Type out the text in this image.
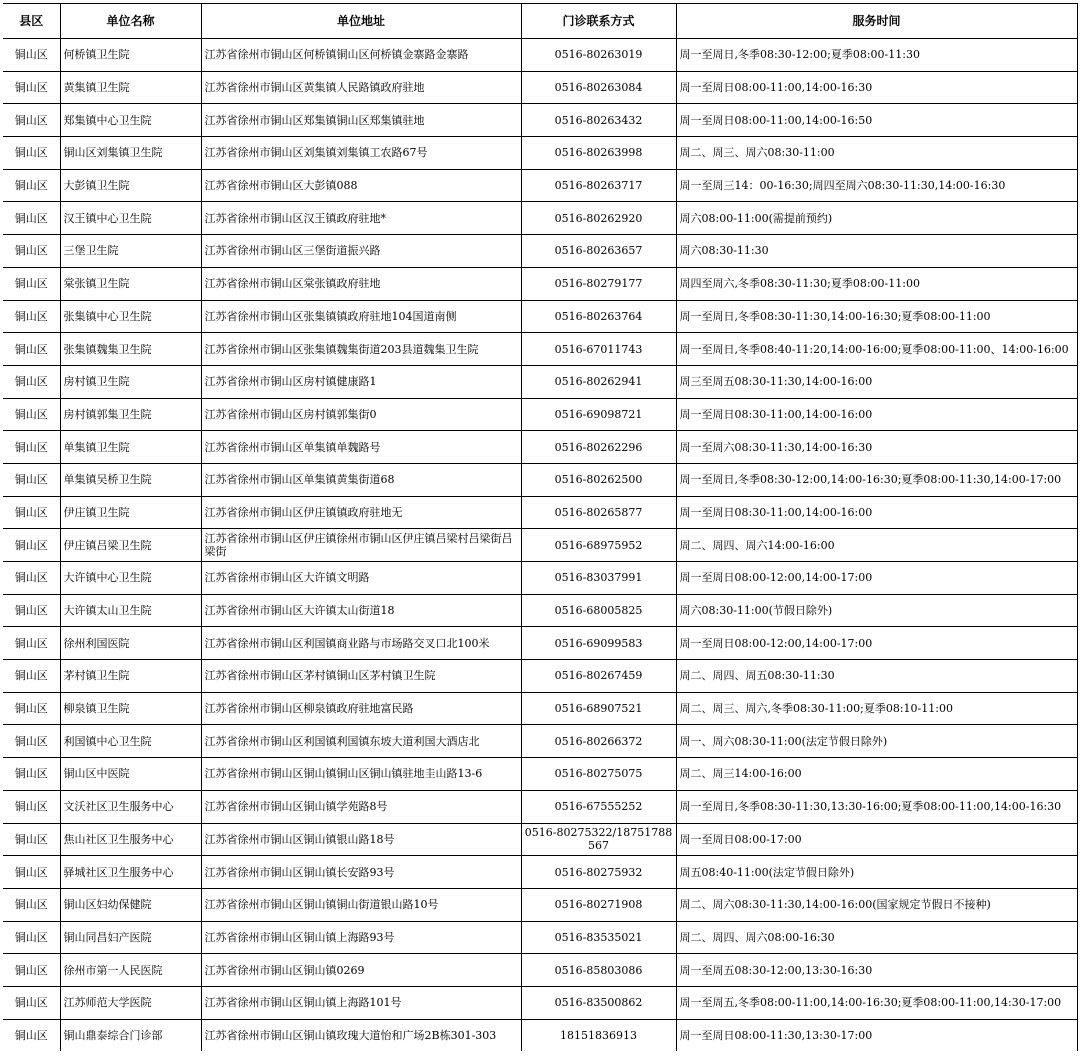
县区	单位名称	单位地址	门诊联系方式	服务时间
铜山区	何桥镇卫生院	江苏省徐州市铜山区何桥镇铜山区何桥镇金寨路金寨路	0516-80263019	周一至周日,冬季08:30-12:00;夏季08:00-11:30
铜山区	黄集镇卫生院	江苏省徐州市铜山区黄集镇人民路镇政府驻地	0516-80263084	周一至周日08:00-11:00,14:00-16:30
铜山区	郑集镇中心卫生院	江苏省徐州市铜山区郑集镇铜山区郑集镇驻地	0516-80263432	周一至周日08:00-11:00,14:00-16:50
铜山区	铜山区刘集镇卫生院	江苏省徐州市铜山区刘集镇刘集镇工农路67号	0516-80263998	周二、周三、周六08:30-11:00
铜山区	大彭镇卫生院	江苏省徐州市铜山区大彭镇088	0516-80263717	周一至周三14：00-16:30;周四至周六08:30-11:30,14:00-16:30
铜山区	汉王镇中心卫生院	江苏省徐州市铜山区汉王镇政府驻地*	0516-80262920	周六08:00-11:00(需提前预约)
铜山区	三堡卫生院	江苏省徐州市铜山区三堡街道振兴路	0516-80263657	周六08:30-11:30
铜山区	棠张镇卫生院	江苏省徐州市铜山区棠张镇政府驻地	0516-80279177	周四至周六,冬季08:30-11:30;夏季08:00-11:00
铜山区	张集镇中心卫生院	江苏省徐州市铜山区张集镇镇政府驻地104国道南侧	0516-80263764	周一至周日,冬季08:30-11:30,14:00-16:30;夏季08:00-11:00
铜山区	张集镇魏集卫生院	江苏省徐州市铜山区张集镇魏集街道203县道魏集卫生院	0516-67011743	周一至周日,冬季08:40-11:20,14:00-16:00;夏季08:00-11:00、14:00-16:00
铜山区	房村镇卫生院	江苏省徐州市铜山区房村镇健康路1	0516-80262941	周三至周五08:30-11:30,14:00-16:00
铜山区	房村镇郭集卫生院	江苏省徐州市铜山区房村镇郭集街0	0516-69098721	周一至周日08:30-11:00,14:00-16:00
铜山区	单集镇卫生院	江苏省徐州市铜山区单集镇单魏路号	0516-80262296	周一至周六08:30-11:30,14:00-16:30
铜山区	单集镇吴桥卫生院	江苏省徐州市铜山区单集镇黄集街道68	0516-80262500	周一至周日,冬季08:30-12:00,14:00-16:30;夏季08:00-11:30,14:00-17:00
铜山区	伊庄镇卫生院	江苏省徐州市铜山区伊庄镇镇政府驻地无	0516-80265877	周一至周日08:30-11:00,14:00-16:00
铜山区	伊庄镇吕梁卫生院	江苏省徐州市铜山区伊庄镇徐州市铜山区伊庄镇吕梁村吕梁街吕梁街	0516-68975952	周二、周四、周六14:00-16:00
铜山区	大许镇中心卫生院	江苏省徐州市铜山区大许镇文明路	0516-83037991	周一至周日08:00-12:00,14:00-17:00
铜山区	大许镇太山卫生院	江苏省徐州市铜山区大许镇太山街道18	0516-68005825	周六08:30-11:00(节假日除外)
铜山区	徐州利国医院	江苏省徐州市铜山区利国镇商业路与市场路交叉口北100米	0516-69099583	周一至周日08:00-12:00,14:00-17:00
铜山区	茅村镇卫生院	江苏省徐州市铜山区茅村镇铜山区茅村镇卫生院	0516-80267459	周二、周四、周五08:30-11:30
铜山区	柳泉镇卫生院	江苏省徐州市铜山区柳泉镇政府驻地富民路	0516-68907521	周二、周三、周六,冬季08:30-11:00;夏季08:10-11:00
铜山区	利国镇中心卫生院	江苏省徐州市铜山区利国镇利国镇东坡大道利国大酒店北	0516-80266372	周一、周六08:30-11:00(法定节假日除外)
铜山区	铜山区中医院	江苏省徐州市铜山区铜山镇铜山区铜山镇驻地圭山路13-6	0516-80275075	周二、周三14:00-16:00
铜山区	文沃社区卫生服务中心	江苏省徐州市铜山区铜山镇学苑路8号	0516-67555252	周一至周日,冬季08:30-11:30,13:30-16:00;夏季08:00-11:00,14:00-16:30
铜山区	焦山社区卫生服务中心	江苏省徐州市铜山区铜山镇银山路18号	0516-80275322/18751788567	周一至周日08:00-17:00
铜山区	驿城社区卫生服务中心	江苏省徐州市铜山区铜山镇长安路93号	0516-80275932	周五08:40-11:00(法定节假日除外)
铜山区	铜山区妇幼保健院	江苏省徐州市铜山区铜山镇铜山街道银山路10号	0516-80271908	周二、周六08:30-11:30,14:00-16:00(国家规定节假日不接种)
铜山区	铜山同昌妇产医院	江苏省徐州市铜山区铜山镇上海路93号	0516-83535021	周二、周四、周六08:00-16:30
铜山区	徐州市第一人民医院	江苏省徐州市铜山区铜山镇0269	0516-85803086	周一至周五08:30-12:00,13:30-16:30
铜山区	江苏师范大学医院	江苏省徐州市铜山区铜山镇上海路101号	0516-83500862	周一至周五,冬季08:00-11:00,14:00-16:30;夏季08:00-11:00,14:30-17:00
铜山区	铜山鼎泰综合门诊部	江苏省徐州市铜山区铜山镇玫瑰大道怡和广场2B栋301-303	18151836913	周一至周日08:00-11:30,13:30-17:00
